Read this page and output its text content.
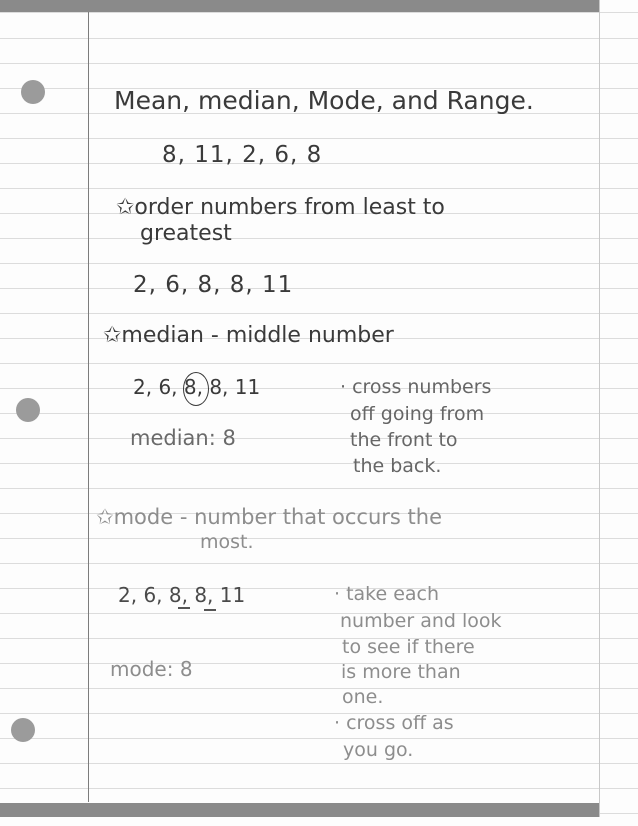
Mean, median, Mode, and Range.

8, 11, 2, 6, 8

✩order numbers from least to

greatest

2, 6, 8, 8, 11

✩median - middle number

2, 6, 8, 8, 11

median: 8

· cross numbers

off going from

the front to

the back.

✩mode - number that occurs the

most.

2, 6, 8, 8, 11

mode: 8

· take each

number and look

to see if there

is more than

one.

· cross off as

you go.
